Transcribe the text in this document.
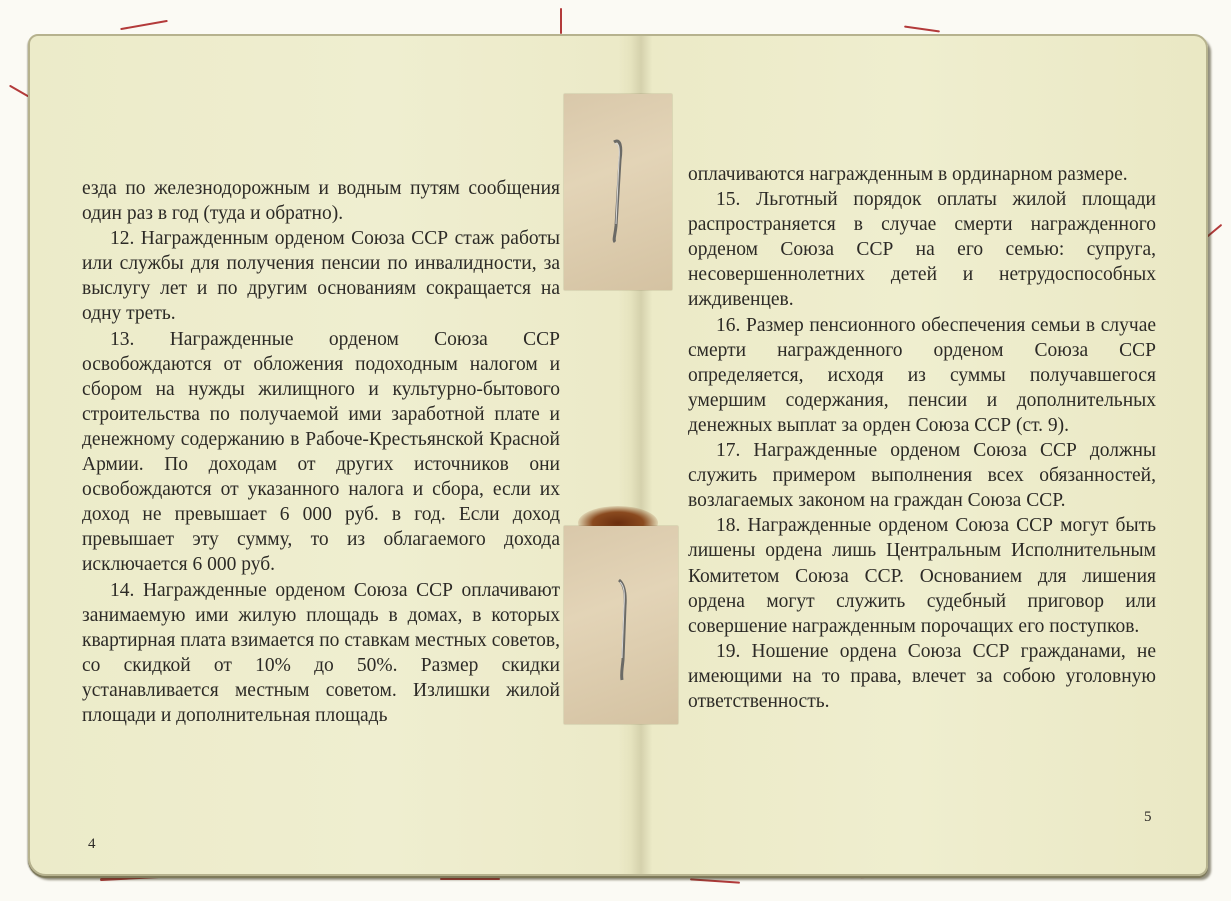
езда по железнодорожным и водным путям сообщения один раз в год (туда и обратно).

12. Награжденным орденом Союза ССР стаж работы или службы для получения пенсии по инвалидности, за выслугу лет и по другим основаниям сокращается на одну треть.

13. Награжденные орденом Союза ССР освобождаются от обложения подоходным налогом и сбором на нужды жилищного и культурно-бытового строительства по получаемой ими заработной плате и денежному содержанию в Рабоче-Крестьянской Красной Армии. По доходам от других источников они освобождаются от указанного налога и сбора, если их доход не превышает 6 000 руб. в год. Если доход превышает эту сумму, то из облагаемого дохода исключается 6 000 руб.

14. Награжденные орденом Союза ССР оплачивают занимаемую ими жилую площадь в домах, в которых квартирная плата взимается по ставкам местных советов, со скидкой от 10% до 50%. Размер скидки устанавливается местным советом. Излишки жилой площади и дополнительная площадь

оплачиваются награжденным в ординарном размере.

15. Льготный порядок оплаты жилой площади распространяется в случае смерти награжденного орденом Союза ССР на его семью: супруга, несовершеннолетних детей и нетрудоспособных иждивенцев.

16. Размер пенсионного обеспечения семьи в случае смерти награжденного орденом Союза ССР определяется, исходя из суммы получавшегося умершим содержания, пенсии и дополнительных денежных выплат за орден Союза ССР (ст. 9).

17. Награжденные орденом Союза ССР должны служить примером выполнения всех обязанностей, возлагаемых законом на граждан Союза ССР.

18. Награжденные орденом Союза ССР могут быть лишены ордена лишь Центральным Исполнительным Комитетом Союза ССР. Основанием для лишения ордена могут служить судебный приговор или совершение награжденным порочащих его поступков.

19. Ношение ордена Союза ССР гражданами, не имеющими на то права, влечет за собою уголовную ответственность.

4
5
